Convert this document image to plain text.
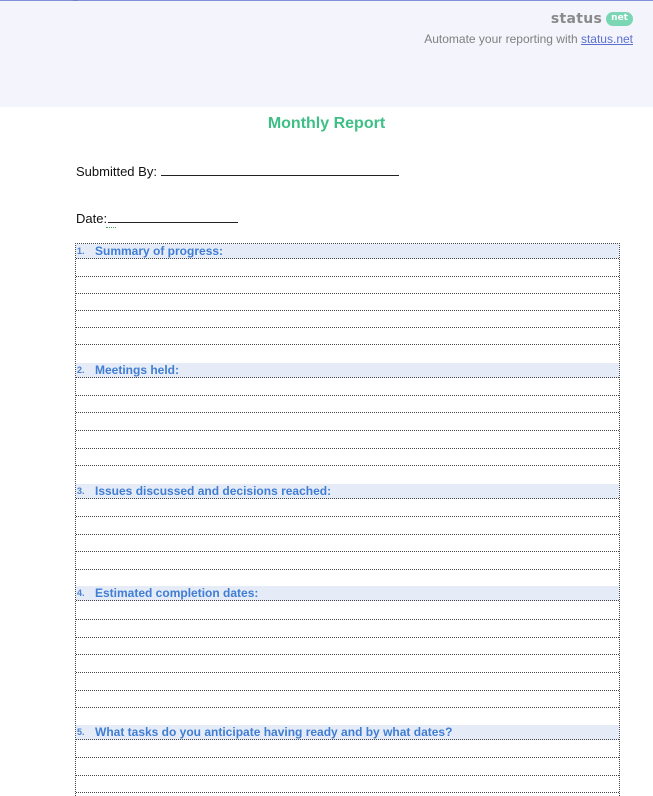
status	net
Automate your reporting with status.net
Monthly Report
Submitted By:
Date:
1. Summary of progress:
2. Meetings held:
3. Issues discussed and decisions reached:
4. Estimated completion dates:
5. What tasks do you anticipate having ready and by what dates?
